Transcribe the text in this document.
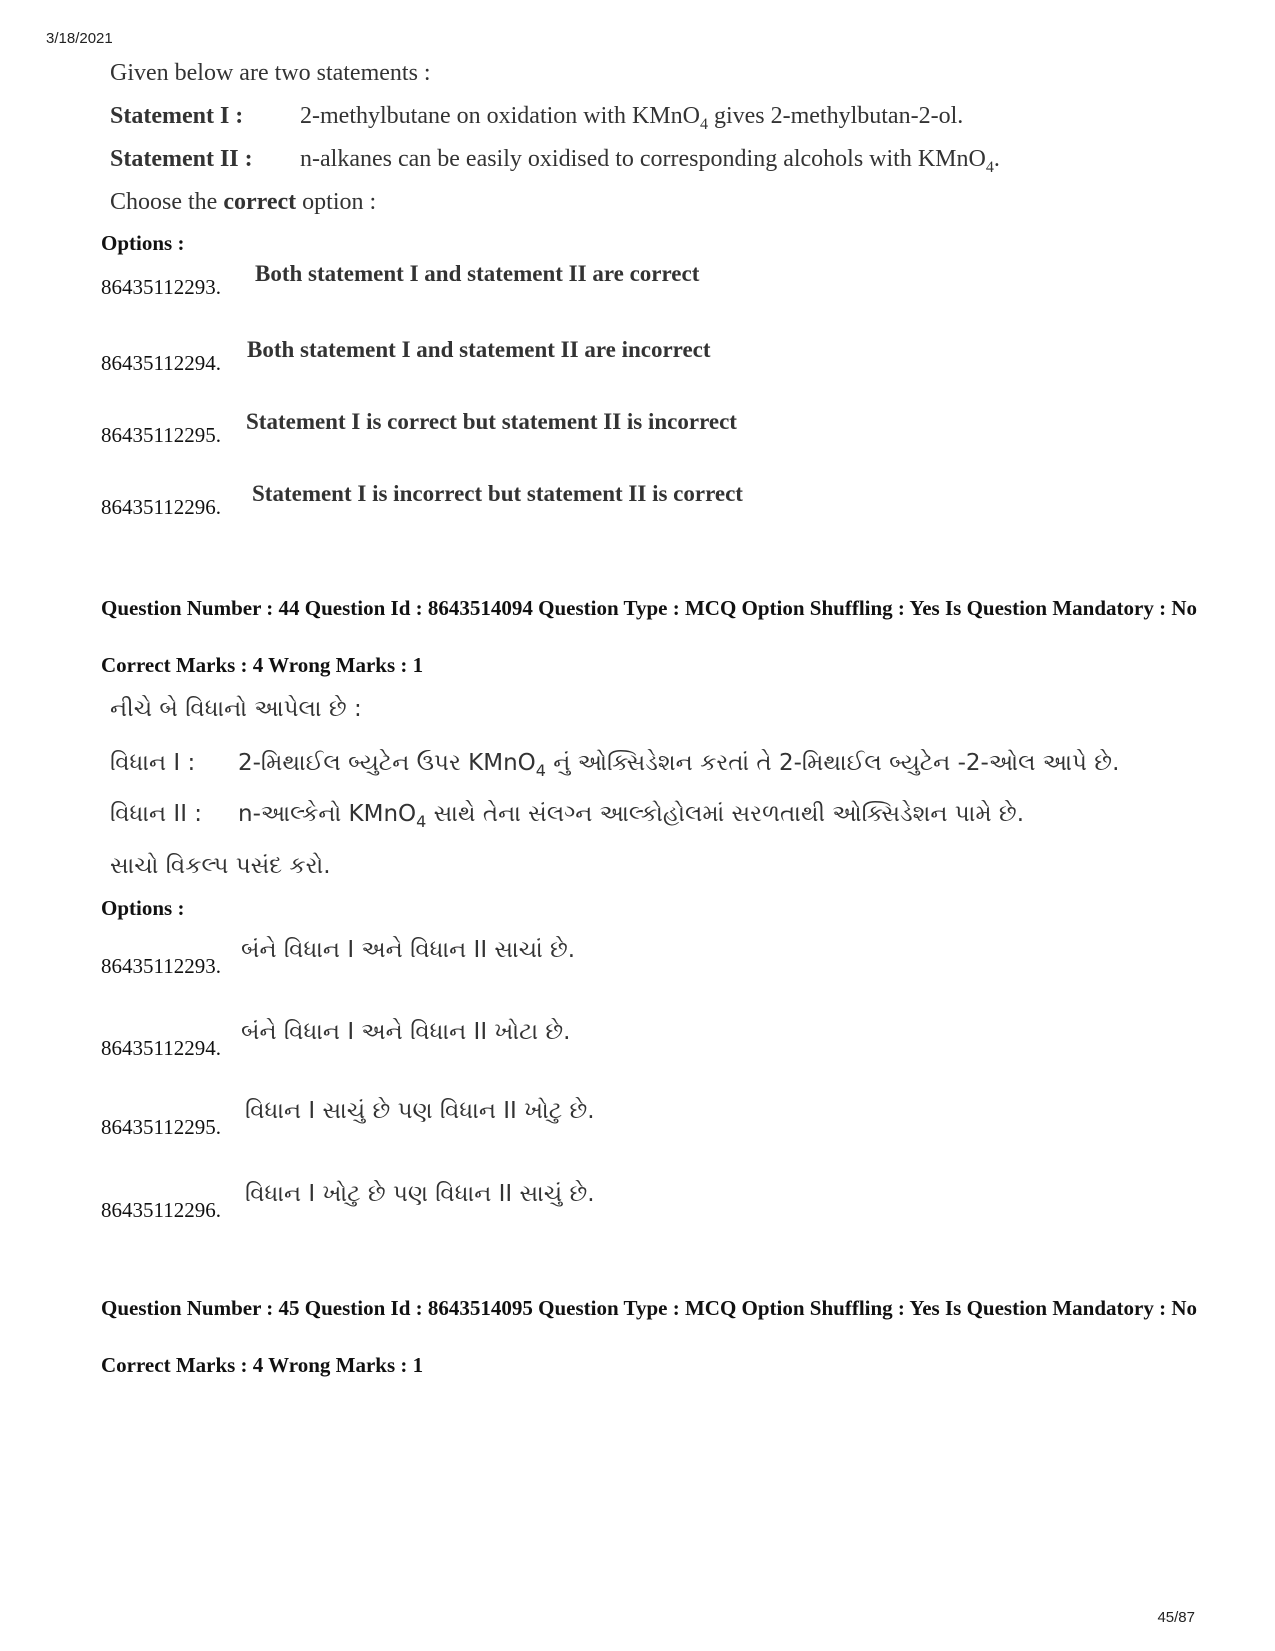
3/18/2021
Given below are two statements :
Statement I : 2-methylbutane on oxidation with KMnO$_4$ gives 2-methylbutan-2-ol.
Statement II : n-alkanes can be easily oxidised to corresponding alcohols with KMnO$_4$.
Choose the correct option :
Options :
86435112293.
Both statement I and statement II are correct
86435112294.
Both statement I and statement II are incorrect
86435112295.
Statement I is correct but statement II is incorrect
86435112296.
Statement I is incorrect but statement II is correct
Question Number : 44 Question Id : 8643514094 Question Type : MCQ Option Shuffling : Yes Is Question Mandatory : No
Correct Marks : 4 Wrong Marks : 1
નીચે બે વિધાનો આપેલા છે :
વિધાન I : 2-મિથાઈલ બ્યુટેન ઉપર KMnO$_4$ નું ઓક્સિડેશન કરતાં તે 2-મિથાઈલ બ્યુટેન -2-ઓલ આપે છે.
વિધાન II : n-આલ્કેનો KMnO$_4$ સાથે તેના સંલગ્ન આલ્કોહોલમાં સરળતાથી ઓક્સિડેશન પામે છે.
સાચો વિકલ્પ પસંદ કરો.
Options :
86435112293.
બંને વિધાન I અને વિધાન II સાચાં છે.
86435112294.
બંને વિધાન I અને વિધાન II ખોટા છે.
86435112295.
વિધાન I સાચું છે પણ વિધાન II ખોટુ છે.
86435112296.
વિધાન I ખોટુ છે પણ વિધાન II સાચું છે.
Question Number : 45 Question Id : 8643514095 Question Type : MCQ Option Shuffling : Yes Is Question Mandatory : No
Correct Marks : 4 Wrong Marks : 1
45/87
